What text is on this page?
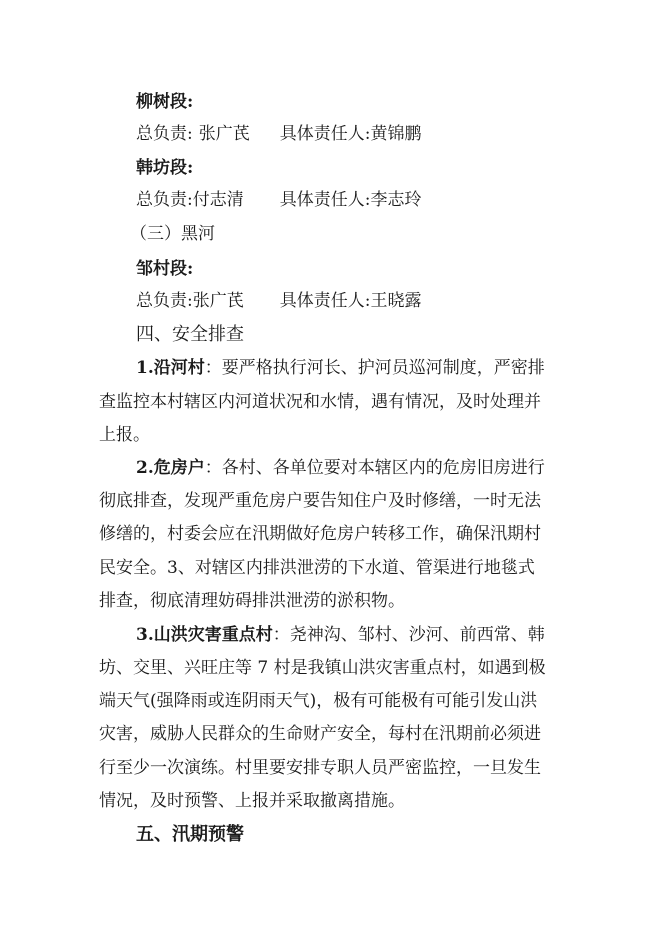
柳树段:
总负责: 张广芪 具体责任人:黄锦鹏
韩坊段:
总负责:付志清 具体责任人:李志玲
（三）黑河
邹村段:
总负责:张广芪 具体责任人:王晓露
四、安全排查
1.沿河村：要严格执行河长、护河员巡河制度，严密排
查监控本村辖区内河道状况和水情，遇有情况，及时处理并
上报。
2.危房户：各村、各单位要对本辖区内的危房旧房进行
彻底排查，发现严重危房户要告知住户及时修缮，一时无法
修缮的，村委会应在汛期做好危房户转移工作，确保汛期村
民安全。3、对辖区内排洪泄涝的下水道、管渠进行地毯式
排查，彻底清理妨碍排洪泄涝的淤积物。
3.山洪灾害重点村：尧神沟、邹村、沙河、前西常、韩
坊、交里、兴旺庄等 7 村是我镇山洪灾害重点村，如遇到极
端天气(强降雨或连阴雨天气)，极有可能极有可能引发山洪
灾害，威胁人民群众的生命财产安全，每村在汛期前必须进
行至少一次演练。村里要安排专职人员严密监控，一旦发生
情况，及时预警、上报并采取撤离措施。
五、汛期预警
